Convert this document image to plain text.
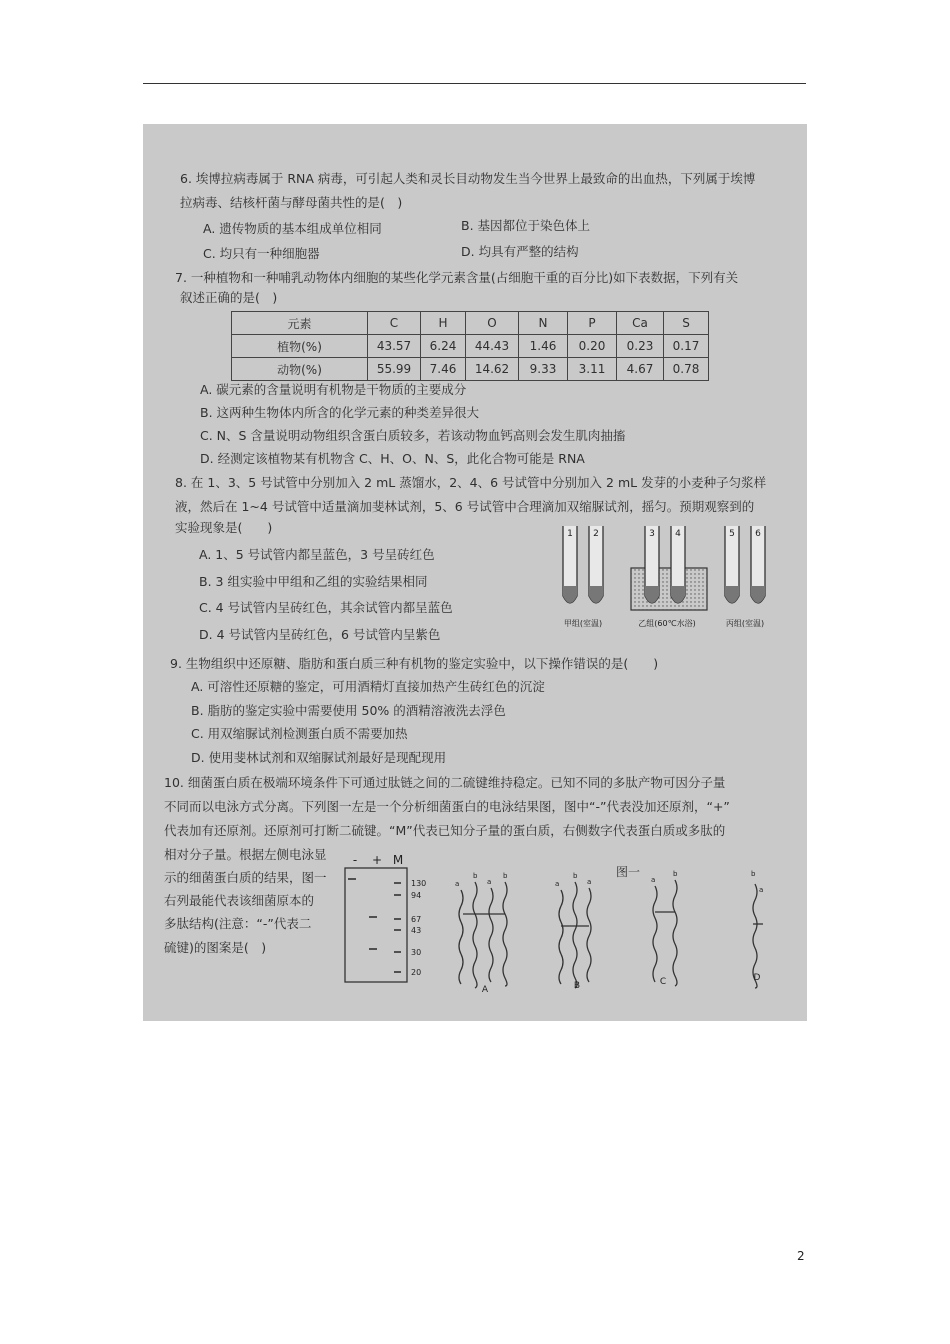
6. 埃博拉病毒属于 RNA 病毒，可引起人类和灵长目动物发生当今世界上最致命的出血热，下列属于埃博
拉病毒、结核杆菌与酵母菌共性的是(　)
A. 遗传物质的基本组成单位相同	B. 基因都位于染色体上
C. 均只有一种细胞器	D. 均具有严整的结构
7. 一种植物和一种哺乳动物体内细胞的某些化学元素含量(占细胞干重的百分比)如下表数据，下列有关
叙述正确的是(　)
元素	C	H	O	N	P	Ca	S
植物(%)	43.57	6.24	44.43	1.46	0.20	0.23	0.17
动物(%)	55.99	7.46	14.62	9.33	3.11	4.67	0.78
A. 碳元素的含量说明有机物是干物质的主要成分
B. 这两种生物体内所含的化学元素的种类差异很大
C. N、S 含量说明动物组织含蛋白质较多，若该动物血钙高则会发生肌肉抽搐
D. 经测定该植物某有机物含 C、H、O、N、S，此化合物可能是 RNA
8. 在 1、3、5 号试管中分别加入 2 mL 蒸馏水，2、4、6 号试管中分别加入 2 mL 发芽的小麦种子匀浆样
液，然后在 1~4 号试管中适量滴加斐林试剂，5、6 号试管中合理滴加双缩脲试剂，摇匀。预期观察到的
实验现象是(　　)
A. 1、5 号试管内都呈蓝色，3 号呈砖红色
B. 3 组实验中甲组和乙组的实验结果相同
C. 4 号试管内呈砖红色，其余试管内都呈蓝色
D. 4 号试管内呈砖红色，6 号试管内呈紫色
1 2	3 4	5 6
甲组(室温)	乙组(60℃水浴)	丙组(室温)
9. 生物组织中还原糖、脂肪和蛋白质三种有机物的鉴定实验中，以下操作错误的是(　　)
A. 可溶性还原糖的鉴定，可用酒精灯直接加热产生砖红色的沉淀
B. 脂肪的鉴定实验中需要使用 50% 的酒精溶液洗去浮色
C. 用双缩脲试剂检测蛋白质不需要加热
D. 使用斐林试剂和双缩脲试剂最好是现配现用
10. 细菌蛋白质在极端环境条件下可通过肽链之间的二硫键维持稳定。已知不同的多肽产物可因分子量
不同而以电泳方式分离。下列图一左是一个分析细菌蛋白的电泳结果图，图中“-”代表没加还原剂，“+”
代表加有还原剂。还原剂可打断二硫键。“M”代表已知分子量的蛋白质，右侧数字代表蛋白质或多肽的
相对分子量。根据左侧电泳显
示的细菌蛋白质的结果，图一
右列最能代表该细菌原本的
多肽结构(注意：“-”代表二
硫键)的图案是(　)
- + M
130
94
67
43
30
20
图一
a
b
a
b
a
b
a	a
b	b
a
A	B	C	D
2
